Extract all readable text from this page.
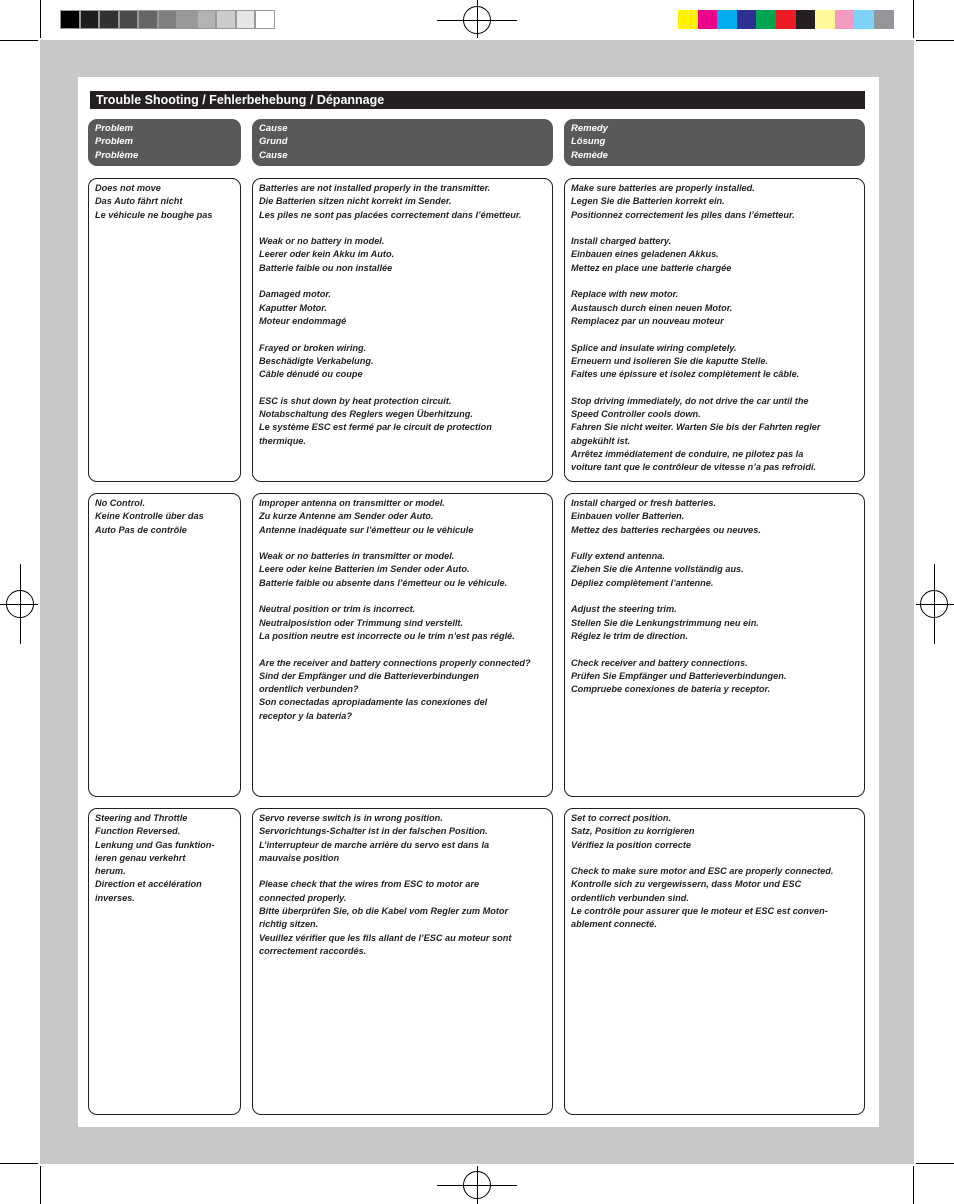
Trouble Shooting / Fehlerbehebung / Dépannage
Problem
Problem
Problème
Cause
Grund
Cause
Remedy
Lösung
Remède
Does not move
Das Auto fährt nicht
Le véhicule ne boughe pas

Batteries are not installed properly in the transmitter.
Die Batterien sitzen nicht korrekt im Sender.
Les piles ne sont pas placées correctement dans l’émetteur.

Weak or no battery in model.
Leerer oder kein Akku im Auto.
Batterie faible ou non installée

Damaged motor.
Kaputter Motor.
Moteur endommagé

Frayed or broken wiring.
Beschädigte Verkabelung.
Câble dénudé ou coupe

ESC is shut down by heat protection circuit.
Notabschaltung des Reglers wegen Überhitzung.
Le système ESC est fermé par le circuit de protection
thermique.

Make sure batteries are properly installed.
Legen Sie die Batterien korrekt ein.
Positionnez correctement les piles dans l’émetteur.

Install charged battery.
Einbauen eines geladenen Akkus.
Mettez en place une batterie chargée

Replace with new motor.
Austausch durch einen neuen Motor.
Remplacez par un nouveau moteur

Splice and insulate wiring completely.
Erneuern und isolieren Sie die kaputte Stelle.
Faites une épissure et isolez complètement le câble.

Stop driving immediately, do not drive the car until the
Speed Controller cools down.
Fahren Sie nicht weiter. Warten Sie bis der Fahrten regler
abgekühlt ist.
Arrêtez immédiatement de conduire, ne pilotez pas la
voiture tant que le contrôleur de vitesse n’a pas refroidi.

No Control.
Keine Kontrolle über das
Auto Pas de contrôle

Improper antenna on transmitter or model.
Zu kurze Antenne am Sender oder Auto.
Antenne inadéquate sur l’émetteur ou le véhicule

Weak or no batteries in transmitter or model.
Leere oder keine Batterien im Sender oder Auto.
Batterie faible ou absente dans l’émetteur ou le véhicule.

Neutral position or trim is incorrect.
Neutralposistion oder Trimmung sind verstellt.
La position neutre est incorrecte ou le trim n’est pas réglé.

Are the receiver and battery connections properly connected?
Sind der Empfänger und die Batterieverbindungen
ordentlich verbunden?
Son conectadas apropiadamente las conexiones del
receptor y la bateria?

Install charged or fresh batteries.
Einbauen voller Batterien.
Mettez des batteries rechargées ou neuves.

Fully extend antenna.
Ziehen Sie die Antenne vollständig aus.
Dépliez complètement l’antenne.

Adjust the steering trim.
Stellen Sie die Lenkungstrimmung neu ein.
Réglez le trim de direction.

Check receiver and battery connections.
Prüfen Sie Empfänger und Batterieverbindungen.
Compruebe conexiones de bateria y receptor.

Steering and Throttle
Function Reversed.
Lenkung und Gas funktion-
ieren genau verkehrt
herum.
Direction et accélération
inverses.

Servo reverse switch is in wrong position.
Servorichtungs-Schalter ist in der falschen Position.
L’interrupteur de marche arrière du servo est dans la
mauvaise position

Please check that the wires from ESC to motor are
connected properly.
Bitte überprüfen Sie, ob die Kabel vom Regler zum Motor
richtig sitzen.
Veuillez vérifier que les fils allant de l’ESC au moteur sont
correctement raccordés.

Set to correct position.
Satz, Position zu korrigieren
Vérifiez la position correcte

Check to make sure motor and ESC are properly connected.
Kontrolle sich zu vergewissern, dass Motor und ESC
ordentlich verbunden sind.
Le contrôle pour assurer que le moteur et ESC est conven-
ablement connecté.
